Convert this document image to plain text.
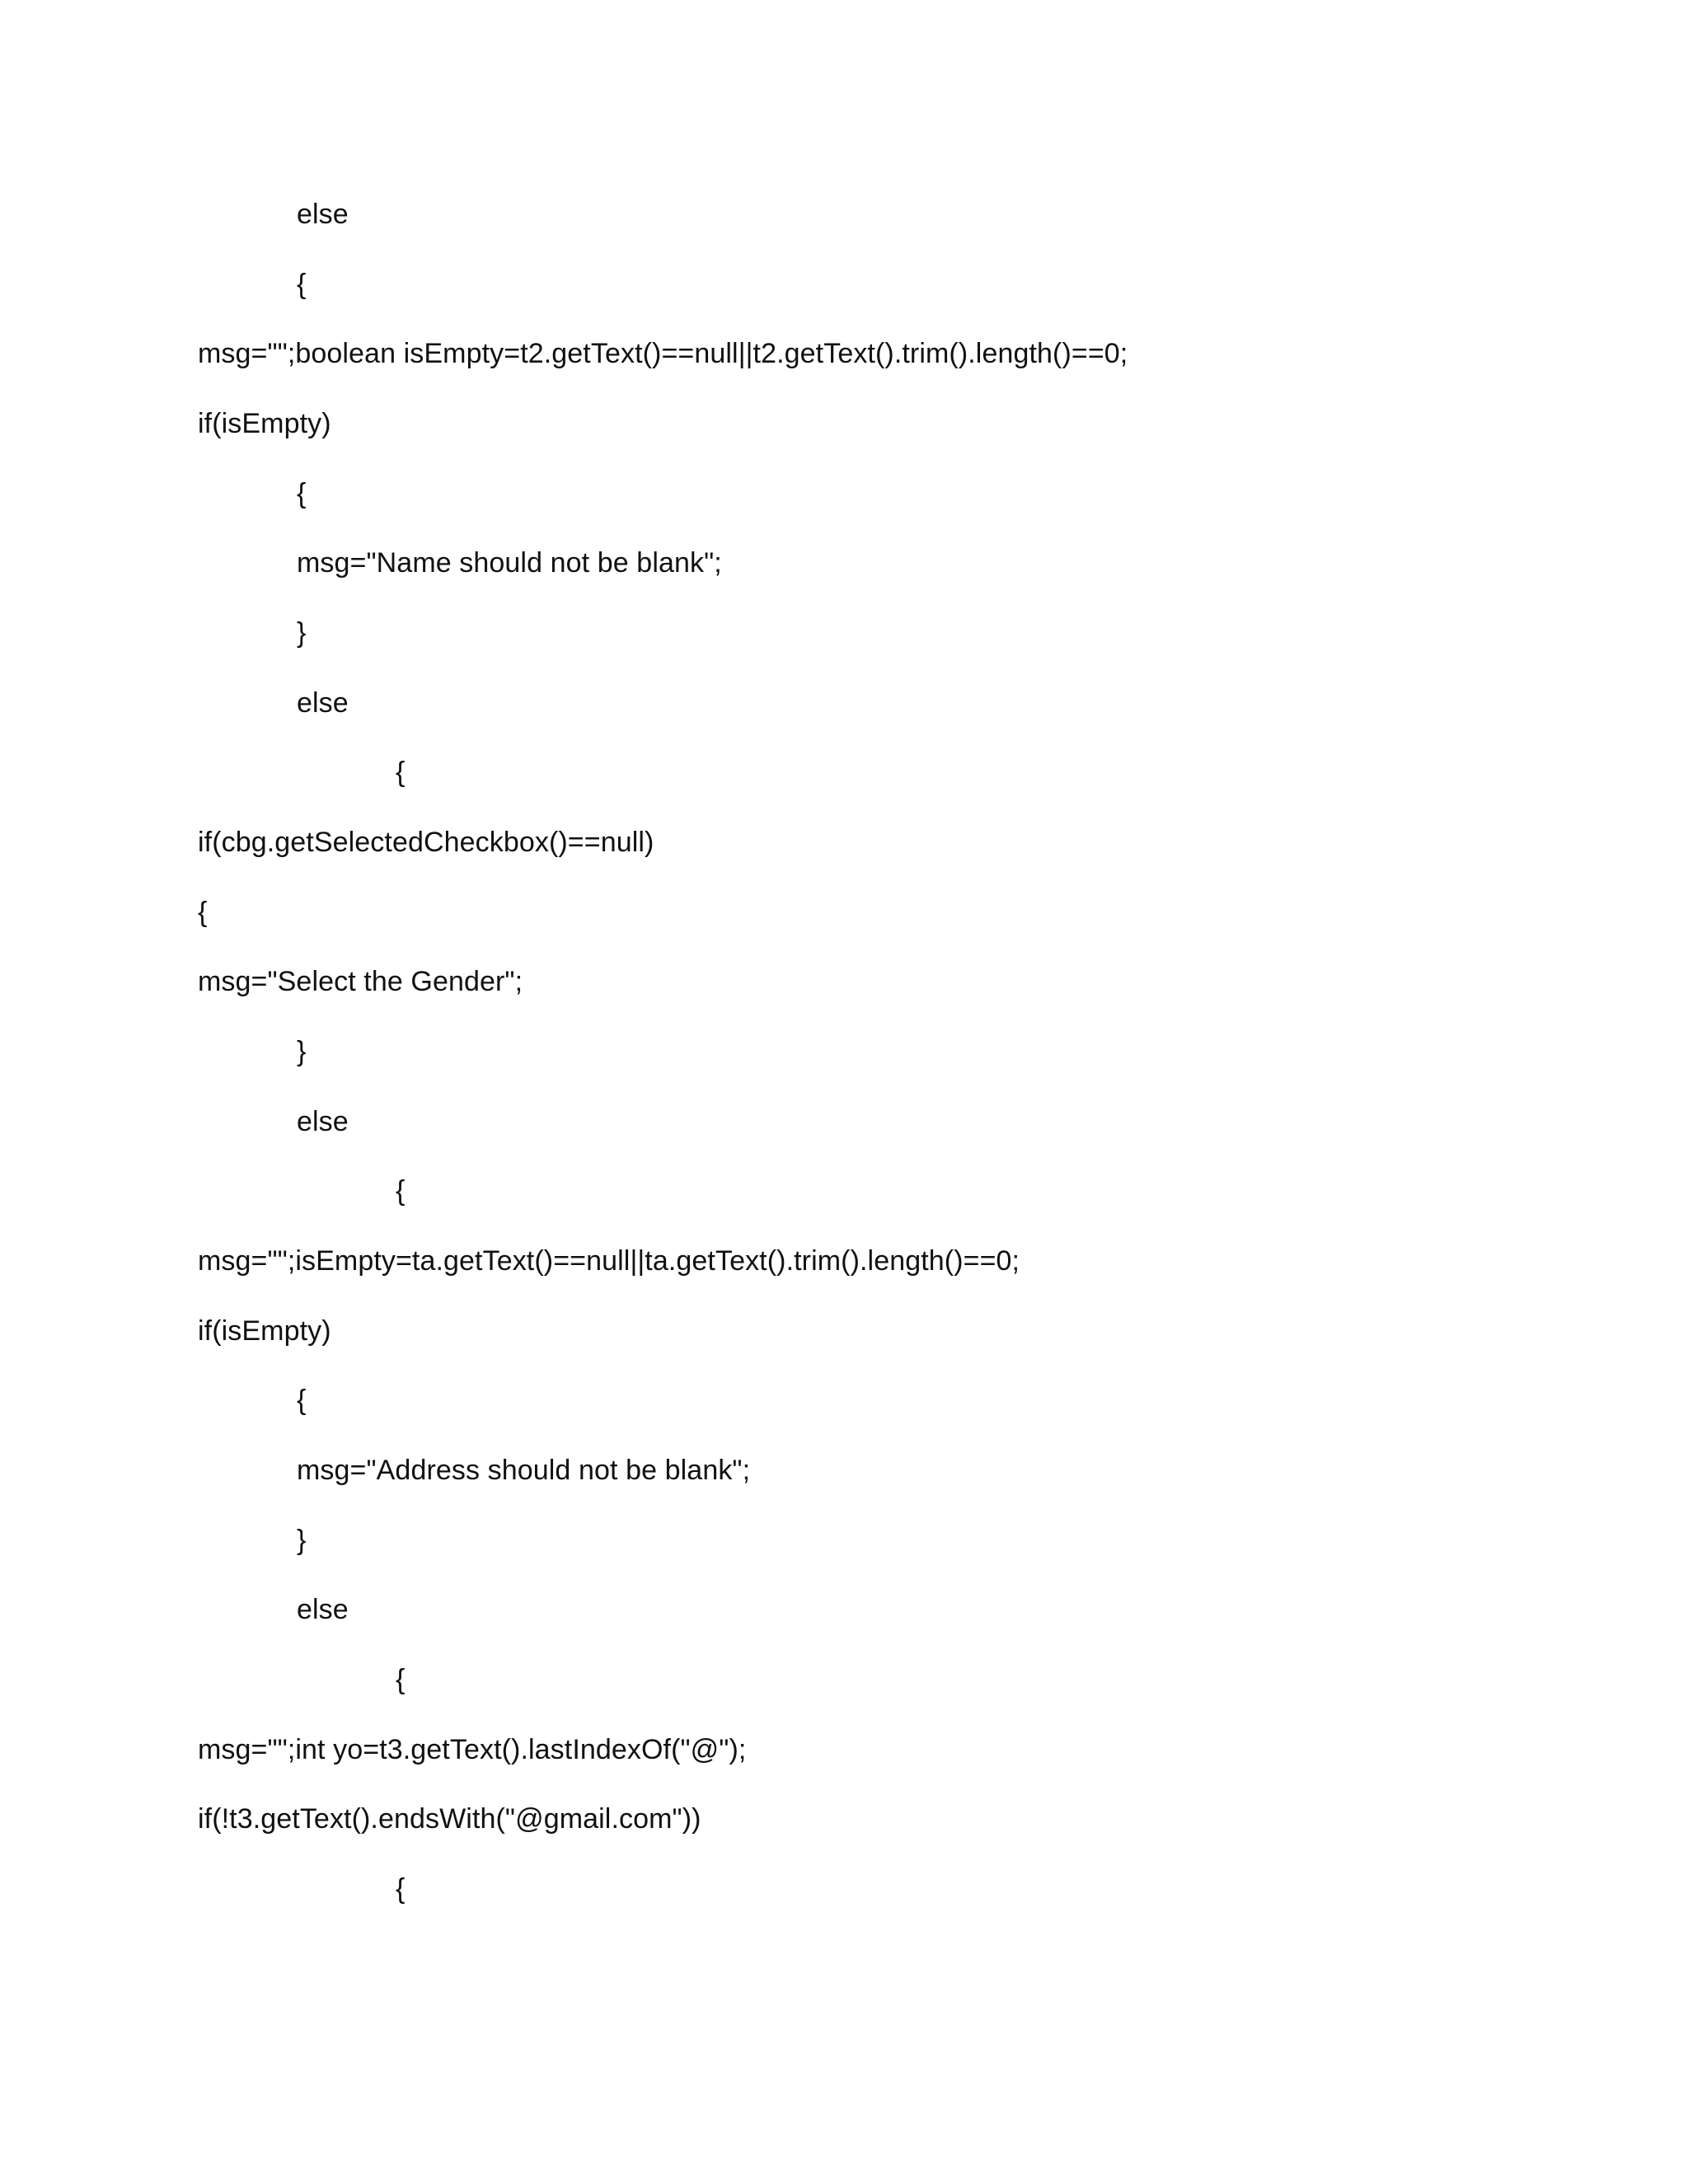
else
{
msg="";boolean isEmpty=t2.getText()==null||t2.getText().trim().length()==0;
if(isEmpty)
{
msg="Name should not be blank";
}
else
{
if(cbg.getSelectedCheckbox()==null)
{
msg="Select the Gender";
}
else
{
msg="";isEmpty=ta.getText()==null||ta.getText().trim().length()==0;
if(isEmpty)
{
msg="Address should not be blank";
}
else
{
msg="";int yo=t3.getText().lastIndexOf("@");
if(!t3.getText().endsWith("@gmail.com"))
{
